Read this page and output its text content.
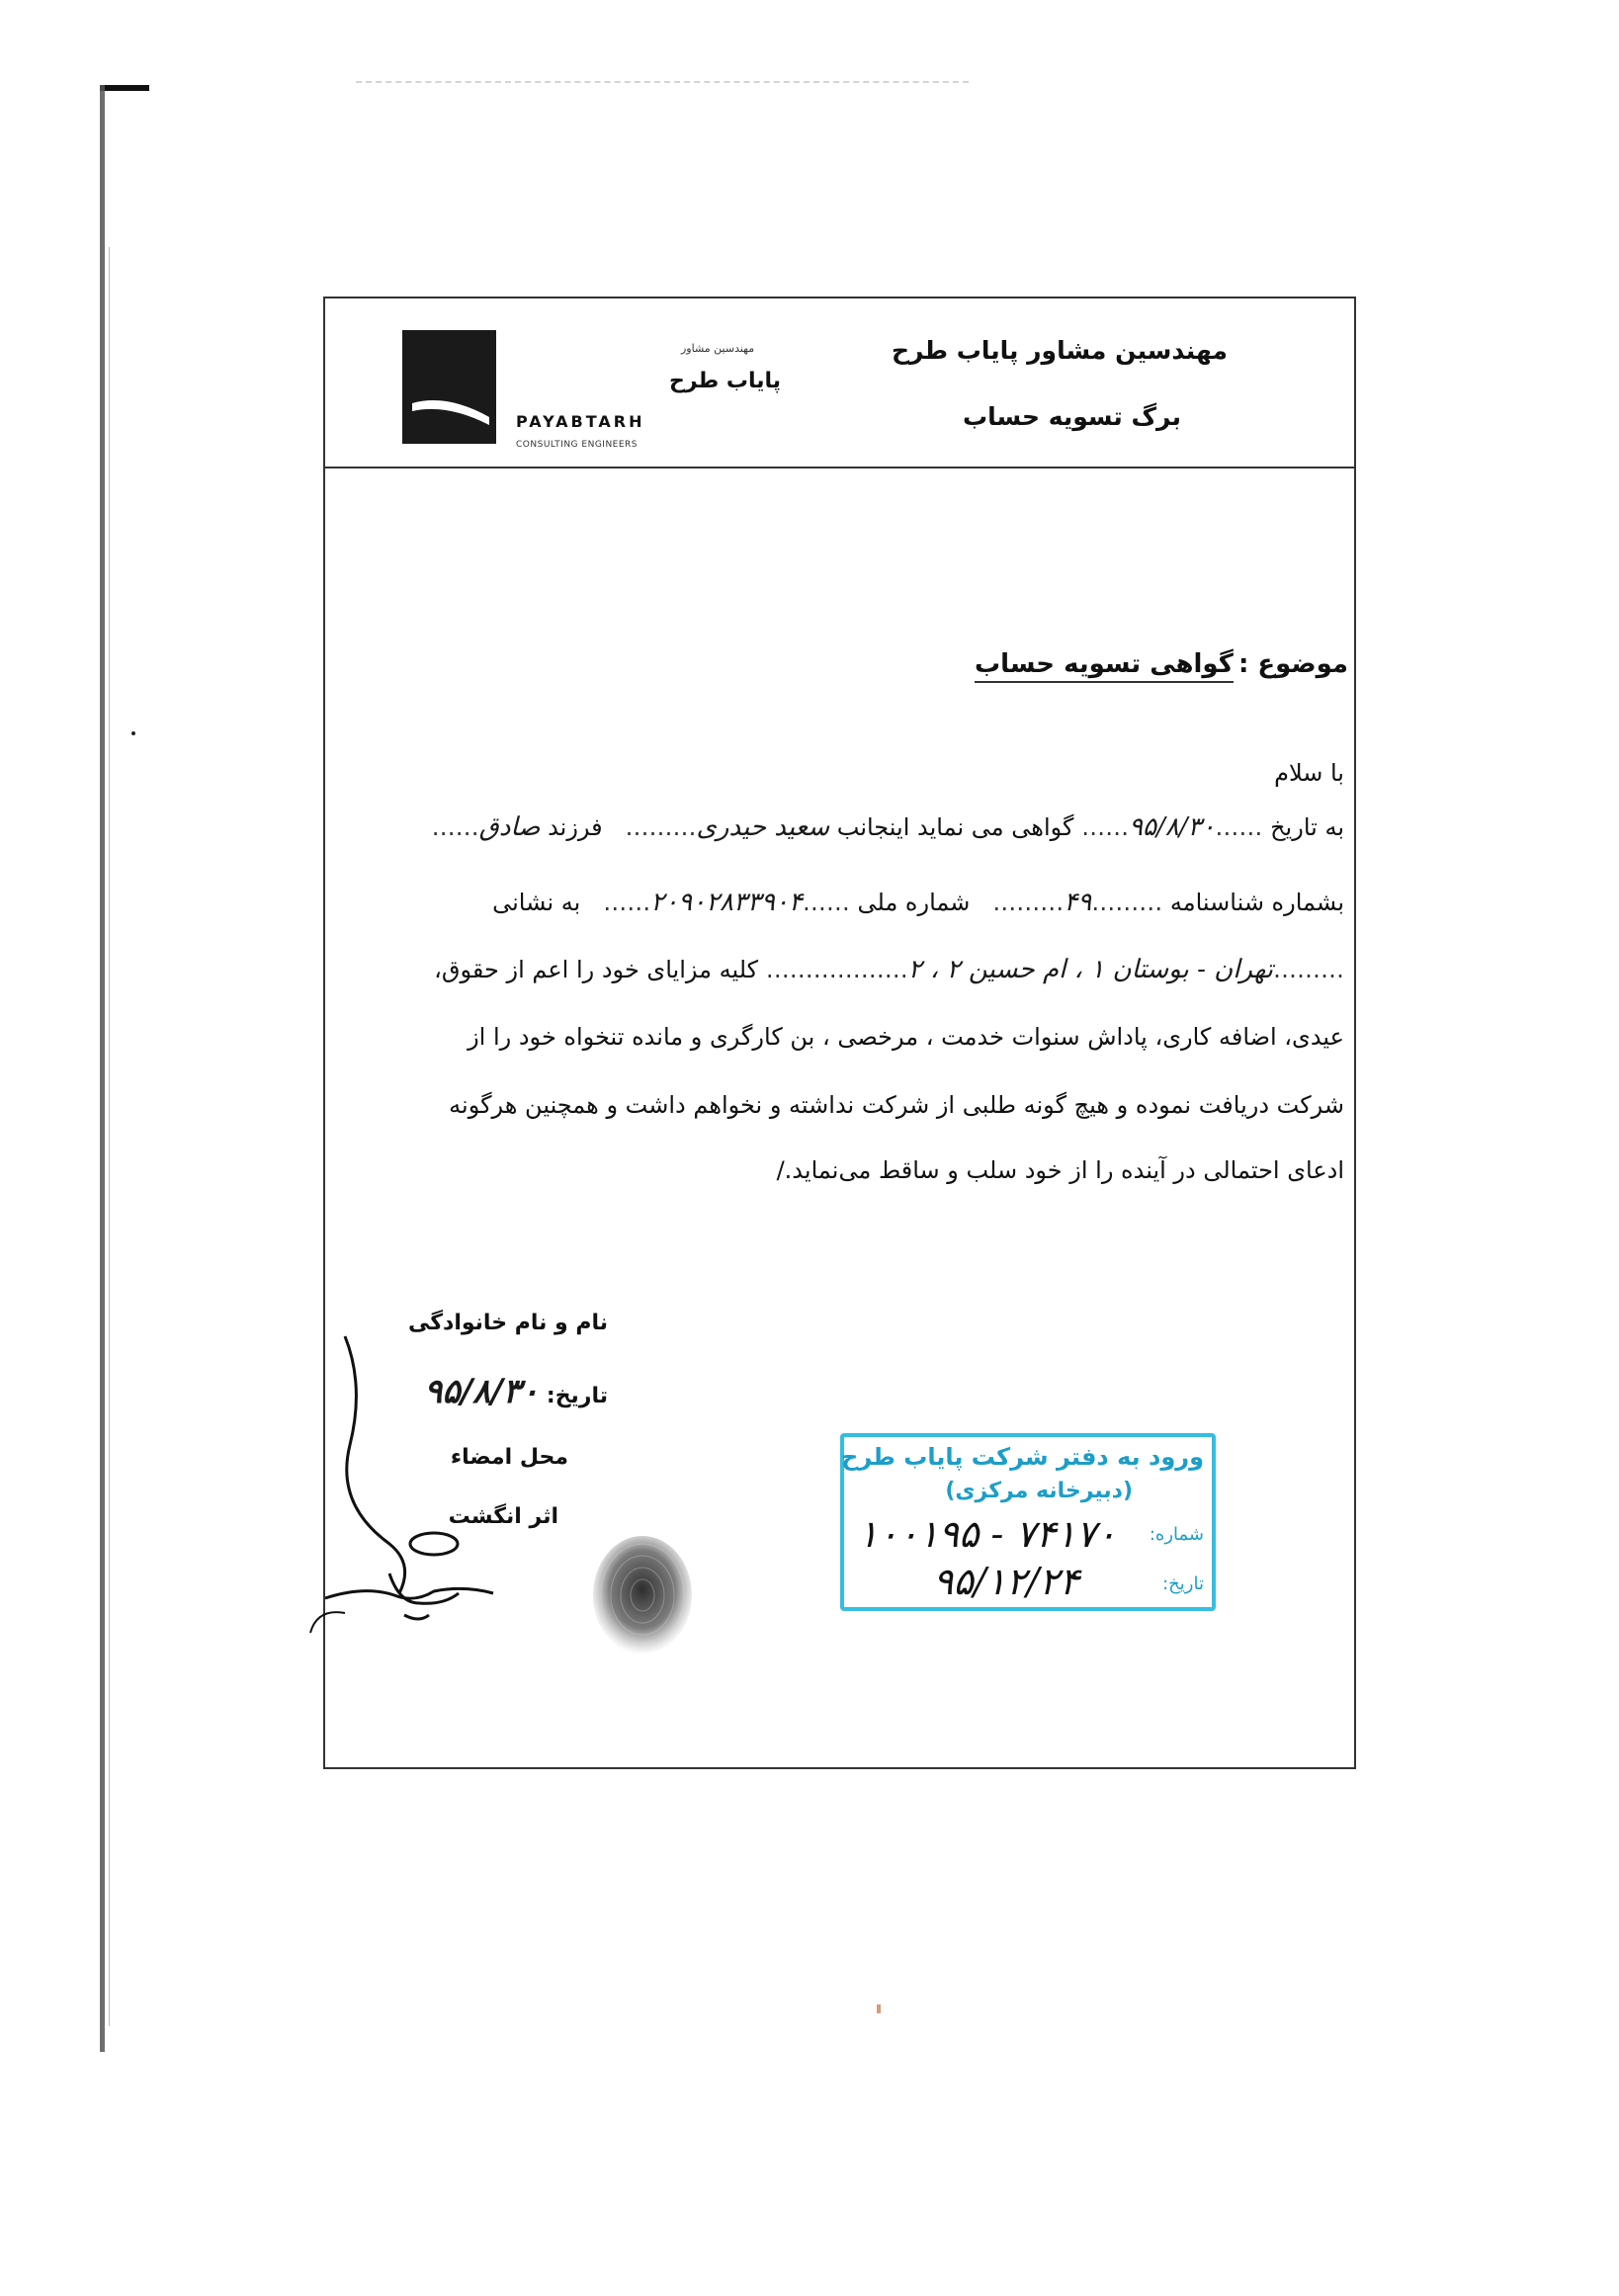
مهندسین مشاور پایاب طرح
برگ تسویه حساب
مهندسین مشاور
پایاب طرح
PAYABTARH
CONSULTING ENGINEERS
موضوع : گواهی تسویه حساب
با سلام
به تاریخ ……۹۵/۸/۳۰…… گواهی می نماید اینجانب سعید حیدری………   فرزند صادق……
بشماره شناسنامه ………۴۹………   شماره ملی ……۲۰۹۰۲۸۳۳۹۰۴……   به نشانی
………تهران - بوستان ۱ ، ام حسین ۲ ، ۲……………… کلیه مزایای خود را اعم از حقوق،
عیدی، اضافه کاری، پاداش سنوات خدمت ، مرخصی ، بن کارگری و مانده تنخواه خود را از
شرکت دریافت نموده و هیچ گونه طلبی از شرکت نداشته و نخواهم داشت و همچنین هرگونه
ادعای احتمالی در آینده را از خود سلب و ساقط می‌نماید./
نام و نام خانوادگی
تاریخ: ۹۵/۸/۳۰
محل امضاء
اثر انگشت
ورود به دفتر شرکت پایاب طرح
(دبیرخانه مرکزی)
شماره:
تاریخ:
۱۰۰۱۹۵ - ۷۴۱۷۰
۹۵/۱۲/۲۴
